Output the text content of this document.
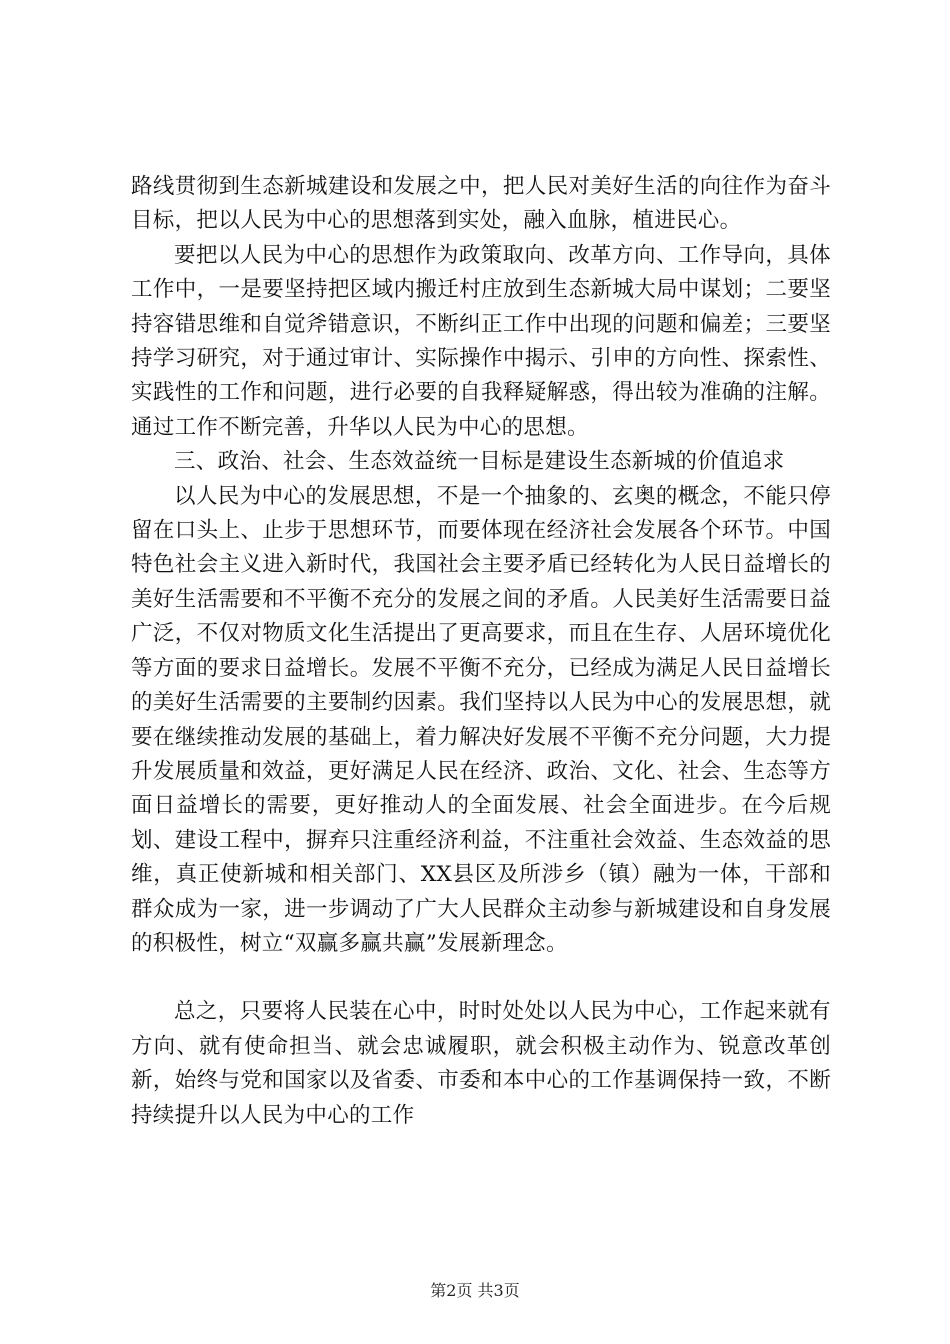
路线贯彻到生态新城建设和发展之中，把人民对美好生活的向往作为奋斗目标，把以人民为中心的思想落到实处，融入血脉，植进民心。

要把以人民为中心的思想作为政策取向、改革方向、工作导向，具体工作中，一是要坚持把区域内搬迁村庄放到生态新城大局中谋划；二要坚持容错思维和自觉斧错意识，不断纠正工作中出现的问题和偏差；三要坚持学习研究，对于通过审计、实际操作中揭示、引申的方向性、探索性、实践性的工作和问题，进行必要的自我释疑解惑，得出较为准确的注解。通过工作不断完善，升华以人民为中心的思想。

三、政治、社会、生态效益统一目标是建设生态新城的价值追求

以人民为中心的发展思想，不是一个抽象的、玄奥的概念，不能只停留在口头上、止步于思想环节，而要体现在经济社会发展各个环节。中国特色社会主义进入新时代，我国社会主要矛盾已经转化为人民日益增长的美好生活需要和不平衡不充分的发展之间的矛盾。人民美好生活需要日益广泛，不仅对物质文化生活提出了更高要求，而且在生存、人居环境优化等方面的要求日益增长。发展不平衡不充分，已经成为满足人民日益增长的美好生活需要的主要制约因素。我们坚持以人民为中心的发展思想，就要在继续推动发展的基础上，着力解决好发展不平衡不充分问题，大力提升发展质量和效益，更好满足人民在经济、政治、文化、社会、生态等方面日益增长的需要，更好推动人的全面发展、社会全面进步。在今后规划、建设工程中，摒弃只注重经济利益，不注重社会效益、生态效益的思维，真正使新城和相关部门、XX县区及所涉乡（镇）融为一体，干部和群众成为一家，进一步调动了广大人民群众主动参与新城建设和自身发展的积极性，树立“双赢多赢共赢”发展新理念。

总之，只要将人民装在心中，时时处处以人民为中心，工作起来就有方向、就有使命担当、就会忠诚履职，就会积极主动作为、锐意改革创新，始终与党和国家以及省委、市委和本中心的工作基调保持一致，不断持续提升以人民为中心的工作

第2页 共3页
